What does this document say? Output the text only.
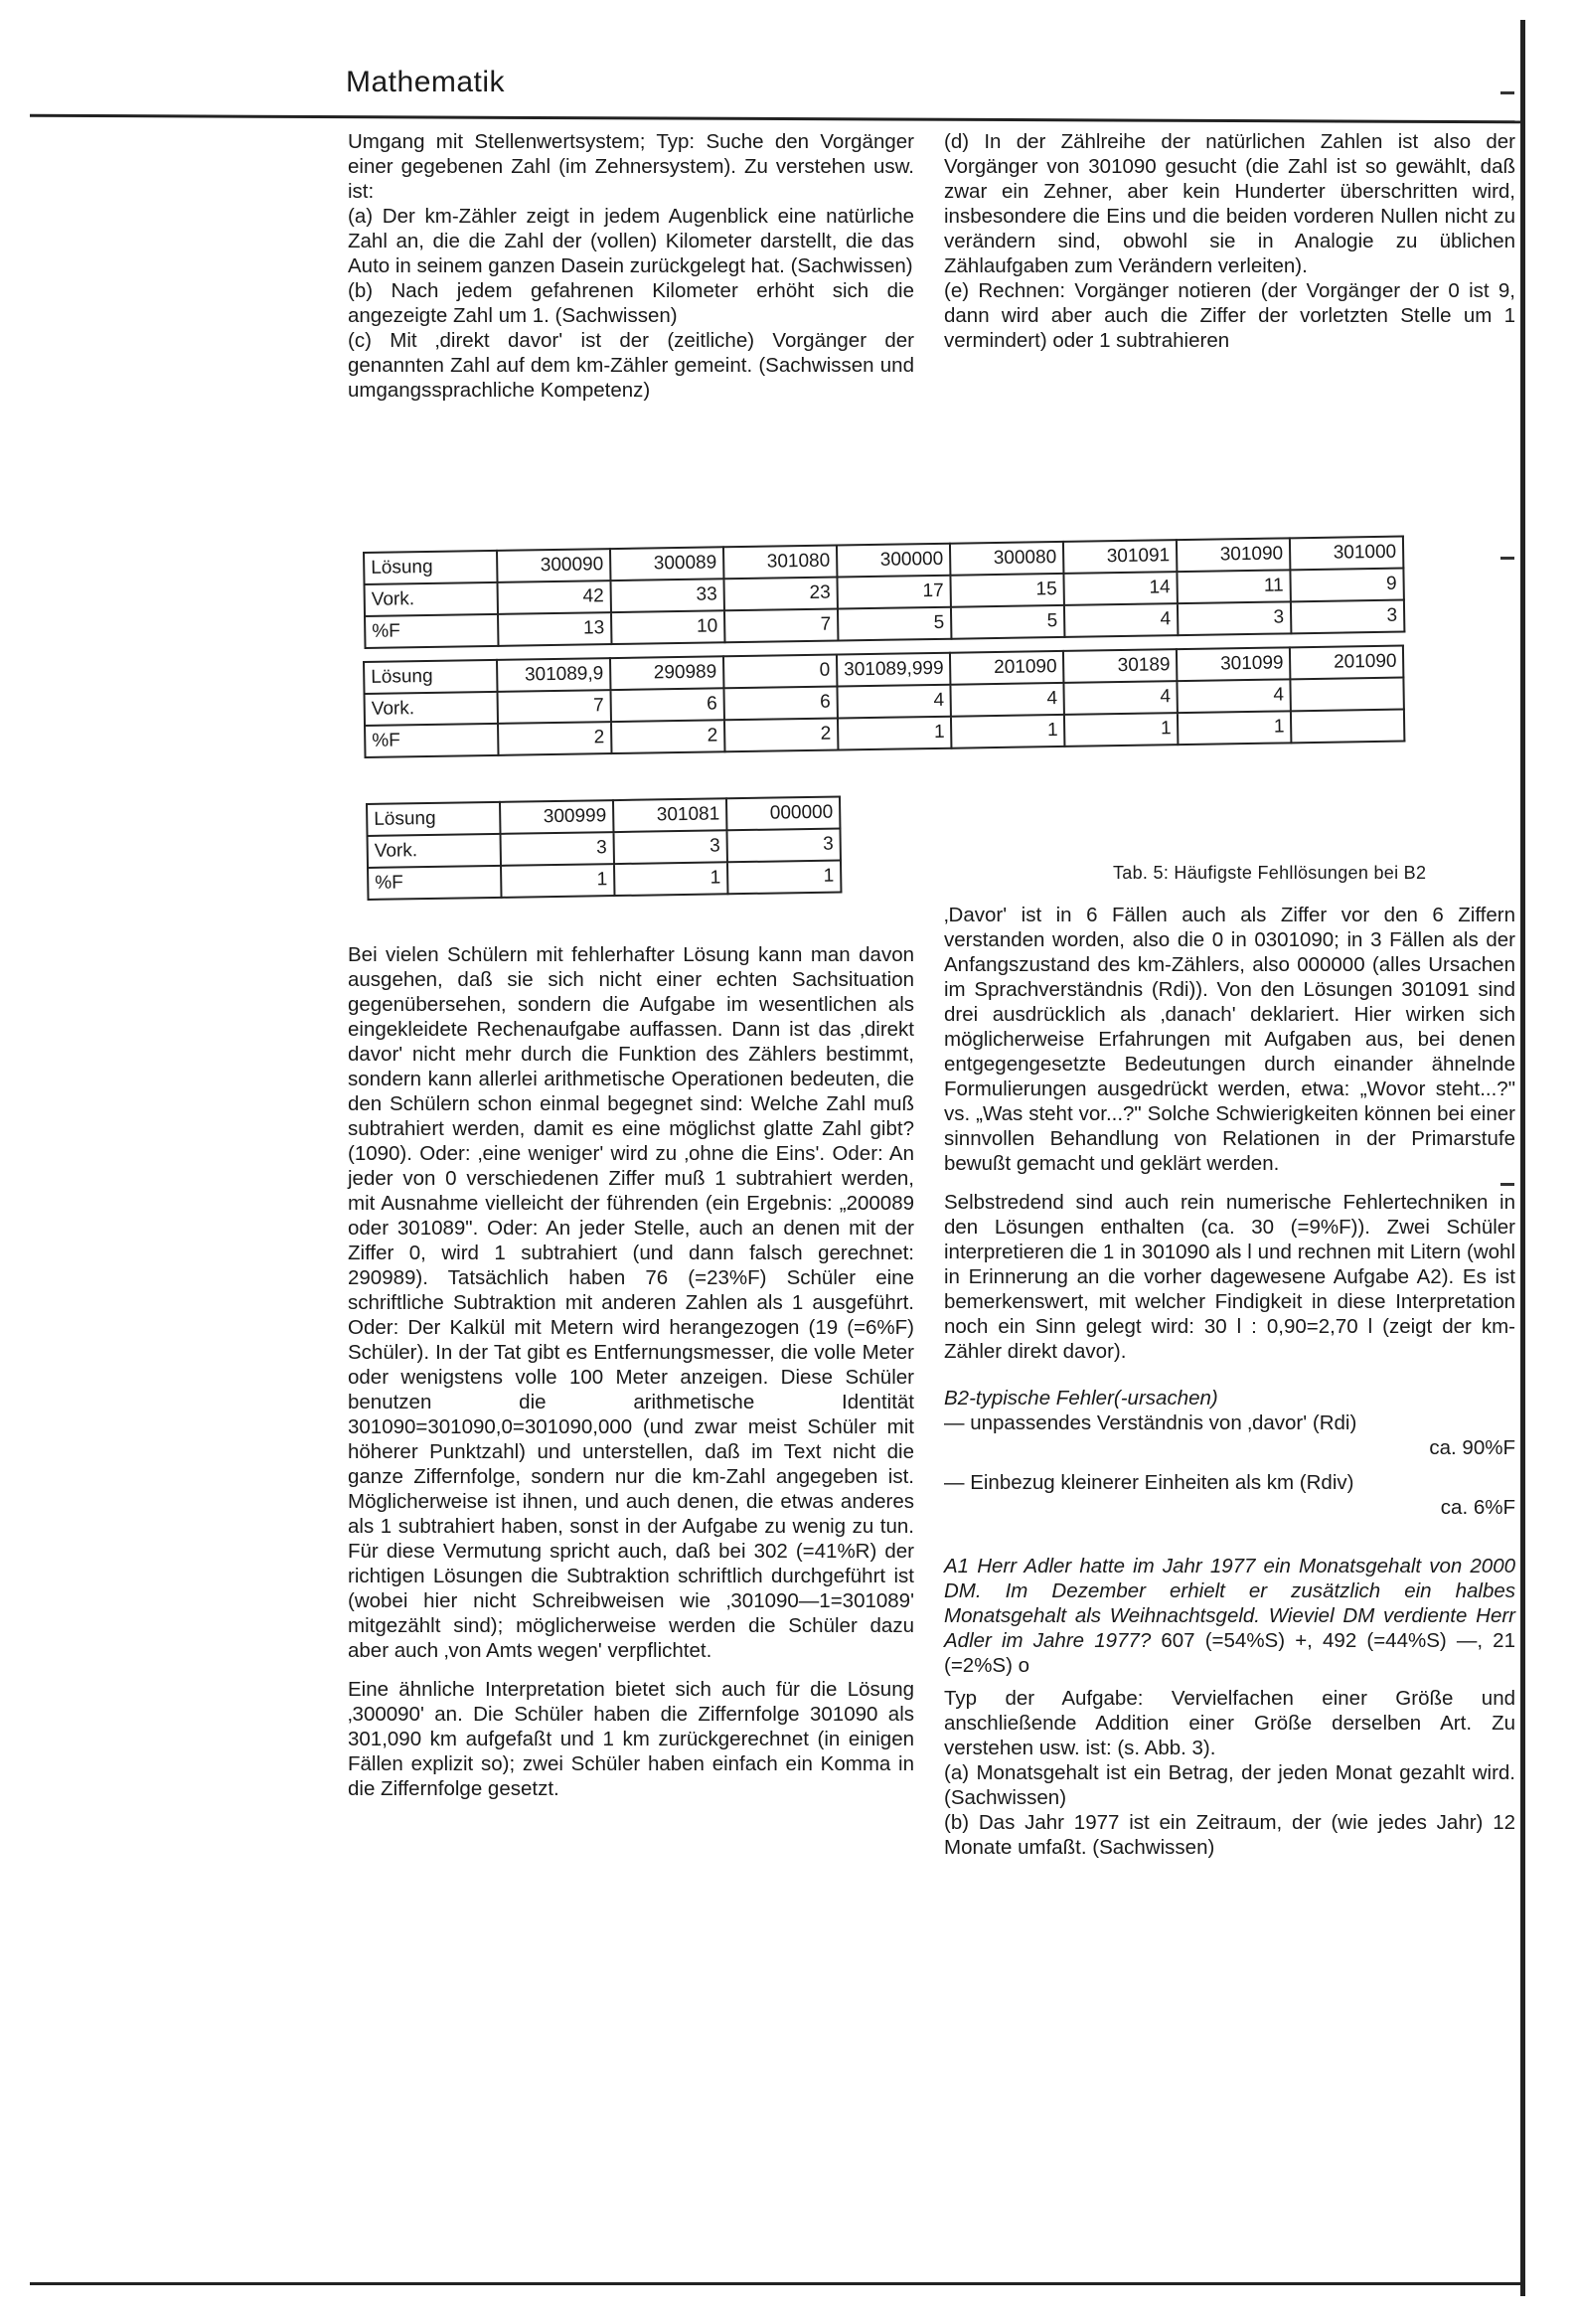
Mathematik

Umgang mit Stellenwertsystem; Typ: Suche den Vorgänger einer gegebenen Zahl (im Zehnersystem). Zu verstehen usw. ist:

(a) Der km-Zähler zeigt in jedem Augenblick eine natürliche Zahl an, die die Zahl der (vollen) Kilometer darstellt, die das Auto in seinem ganzen Dasein zurückgelegt hat. (Sachwissen)

(b) Nach jedem gefahrenen Kilometer erhöht sich die angezeigte Zahl um 1. (Sachwissen)

(c) Mit ‚direkt davor' ist der (zeitliche) Vorgänger der genannten Zahl auf dem km-Zähler gemeint. (Sachwissen und umgangssprachliche Kompetenz)

(d) In der Zählreihe der natürlichen Zahlen ist also der Vorgänger von 301090 gesucht (die Zahl ist so gewählt, daß zwar ein Zehner, aber kein Hunderter überschritten wird, insbesondere die Eins und die beiden vorderen Nullen nicht zu verändern sind, obwohl sie in Analogie zu üblichen Zählaufgaben zum Verändern verleiten).

(e) Rechnen: Vorgänger notieren (der Vorgänger der 0 ist 9, dann wird aber auch die Ziffer der vorletzten Stelle um 1 vermindert) oder 1 subtrahieren

Lösung	300090	300089	301080	300000	300080	301091	301090	301000
Vork.	42	33	23	17	15	14	11	9
%F	13	10	7	5	5	4	3	3
Lösung	301089,9	290989	0	301089,999	201090	30189	301099	201090
Vork.	7	6	6	4	4	4	4	
%F	2	2	2	1	1	1	1	
Lösung	300999	301081	000000
Vork.	3	3	3
%F	1	1	1	Tab. 5: Häufigste Fehllösungen bei B2

Bei vielen Schülern mit fehlerhafter Lösung kann man davon ausgehen, daß sie sich nicht einer echten Sachsituation gegenübersehen, sondern die Aufgabe im wesentlichen als eingekleidete Rechenaufgabe auffassen. Dann ist das ‚direkt davor' nicht mehr durch die Funktion des Zählers bestimmt, sondern kann allerlei arithmetische Operationen bedeuten, die den Schülern schon einmal begegnet sind: Welche Zahl muß subtrahiert werden, damit es eine möglichst glatte Zahl gibt? (1090). Oder: ‚eine weniger' wird zu ‚ohne die Eins'. Oder: An jeder von 0 verschiedenen Ziffer muß 1 subtrahiert werden, mit Ausnahme vielleicht der führenden (ein Ergebnis: „200089 oder 301089". Oder: An jeder Stelle, auch an denen mit der Ziffer 0, wird 1 subtrahiert (und dann falsch gerechnet: 290989). Tatsächlich haben 76 (=23%F) Schüler eine schriftliche Subtraktion mit anderen Zahlen als 1 ausgeführt. Oder: Der Kalkül mit Metern wird herangezogen (19 (=6%F) Schüler). In der Tat gibt es Entfernungsmesser, die volle Meter oder wenigstens volle 100 Meter anzeigen. Diese Schüler benutzen die arithmetische Identität 301090=301090,0=301090,000 (und zwar meist Schüler mit höherer Punktzahl) und unterstellen, daß im Text nicht die ganze Ziffernfolge, sondern nur die km-Zahl angegeben ist. Möglicherweise ist ihnen, und auch denen, die etwas anderes als 1 subtrahiert haben, sonst in der Aufgabe zu wenig zu tun. Für diese Vermutung spricht auch, daß bei 302 (=41%R) der richtigen Lösungen die Subtraktion schriftlich durchgeführt ist (wobei hier nicht Schreibweisen wie ‚301090—1=301089' mitgezählt sind); möglicherweise werden die Schüler dazu aber auch ‚von Amts wegen' verpflichtet.

Eine ähnliche Interpretation bietet sich auch für die Lösung ‚300090' an. Die Schüler haben die Ziffernfolge 301090 als 301,090 km aufgefaßt und 1 km zurückgerechnet (in einigen Fällen explizit so); zwei Schüler haben einfach ein Komma in die Ziffernfolge gesetzt.

‚Davor' ist in 6 Fällen auch als Ziffer vor den 6 Ziffern verstanden worden, also die 0 in 0301090; in 3 Fällen als der Anfangszustand des km-Zählers, also 000000 (alles Ursachen im Sprachverständnis (Rdi)). Von den Lösungen 301091 sind drei ausdrücklich als ‚danach' deklariert. Hier wirken sich möglicherweise Erfahrungen mit Aufgaben aus, bei denen entgegengesetzte Bedeutungen durch einander ähnelnde Formulierungen ausgedrückt werden, etwa: „Wovor steht...?" vs. „Was steht vor...?" Solche Schwierigkeiten können bei einer sinnvollen Behandlung von Relationen in der Primarstufe bewußt gemacht und geklärt werden.

Selbstredend sind auch rein numerische Fehlertechniken in den Lösungen enthalten (ca. 30 (=9%F)). Zwei Schüler interpretieren die 1 in 301090 als l und rechnen mit Litern (wohl in Erinnerung an die vorher dagewesene Aufgabe A2). Es ist bemerkenswert, mit welcher Findigkeit in diese Interpretation noch ein Sinn gelegt wird: 30 l : 0,90=2,70 l (zeigt der km-Zähler direkt davor).

B2-typische Fehler(-ursachen)
— unpassendes Verständnis von ‚davor' (Rdi)
ca. 90%F
— Einbezug kleinerer Einheiten als km (Rdiv)
ca. 6%F

A1 Herr Adler hatte im Jahr 1977 ein Monatsgehalt von 2000 DM. Im Dezember erhielt er zusätzlich ein halbes Monatsgehalt als Weihnachtsgeld. Wieviel DM verdiente Herr Adler im Jahre 1977? 607 (=54%S) +, 492 (=44%S) —, 21 (=2%S) o

Typ der Aufgabe: Vervielfachen einer Größe und anschließende Addition einer Größe derselben Art. Zu verstehen usw. ist: (s. Abb. 3).

(a) Monatsgehalt ist ein Betrag, der jeden Monat gezahlt wird. (Sachwissen)

(b) Das Jahr 1977 ist ein Zeitraum, der (wie jedes Jahr) 12 Monate umfaßt. (Sachwissen)
